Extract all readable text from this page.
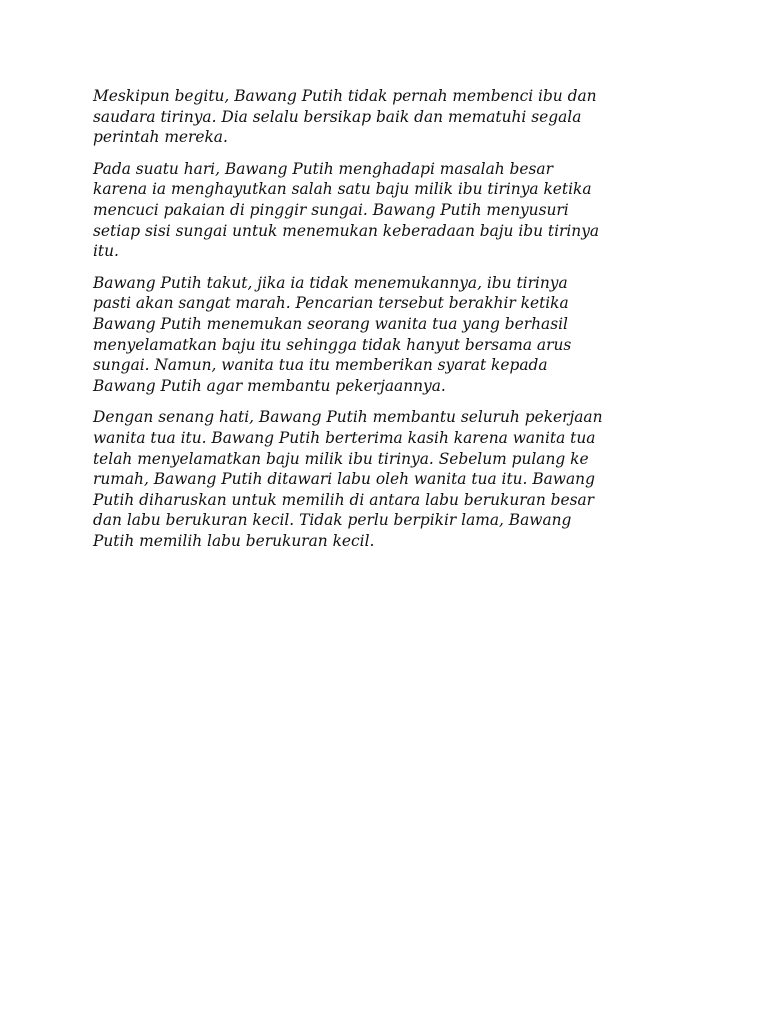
Meskipun begitu, Bawang Putih tidak pernah membenci ibu dan
saudara tirinya. Dia selalu bersikap baik dan mematuhi segala
perintah mereka.

Pada suatu hari, Bawang Putih menghadapi masalah besar
karena ia menghayutkan salah satu baju milik ibu tirinya ketika
mencuci pakaian di pinggir sungai. Bawang Putih menyusuri
setiap sisi sungai untuk menemukan keberadaan baju ibu tirinya
itu.

Bawang Putih takut, jika ia tidak menemukannya, ibu tirinya
pasti akan sangat marah. Pencarian tersebut berakhir ketika
Bawang Putih menemukan seorang wanita tua yang berhasil
menyelamatkan baju itu sehingga tidak hanyut bersama arus
sungai. Namun, wanita tua itu memberikan syarat kepada
Bawang Putih agar membantu pekerjaannya.

Dengan senang hati, Bawang Putih membantu seluruh pekerjaan
wanita tua itu. Bawang Putih berterima kasih karena wanita tua
telah menyelamatkan baju milik ibu tirinya. Sebelum pulang ke
rumah, Bawang Putih ditawari labu oleh wanita tua itu. Bawang
Putih diharuskan untuk memilih di antara labu berukuran besar
dan labu berukuran kecil. Tidak perlu berpikir lama, Bawang
Putih memilih labu berukuran kecil.
